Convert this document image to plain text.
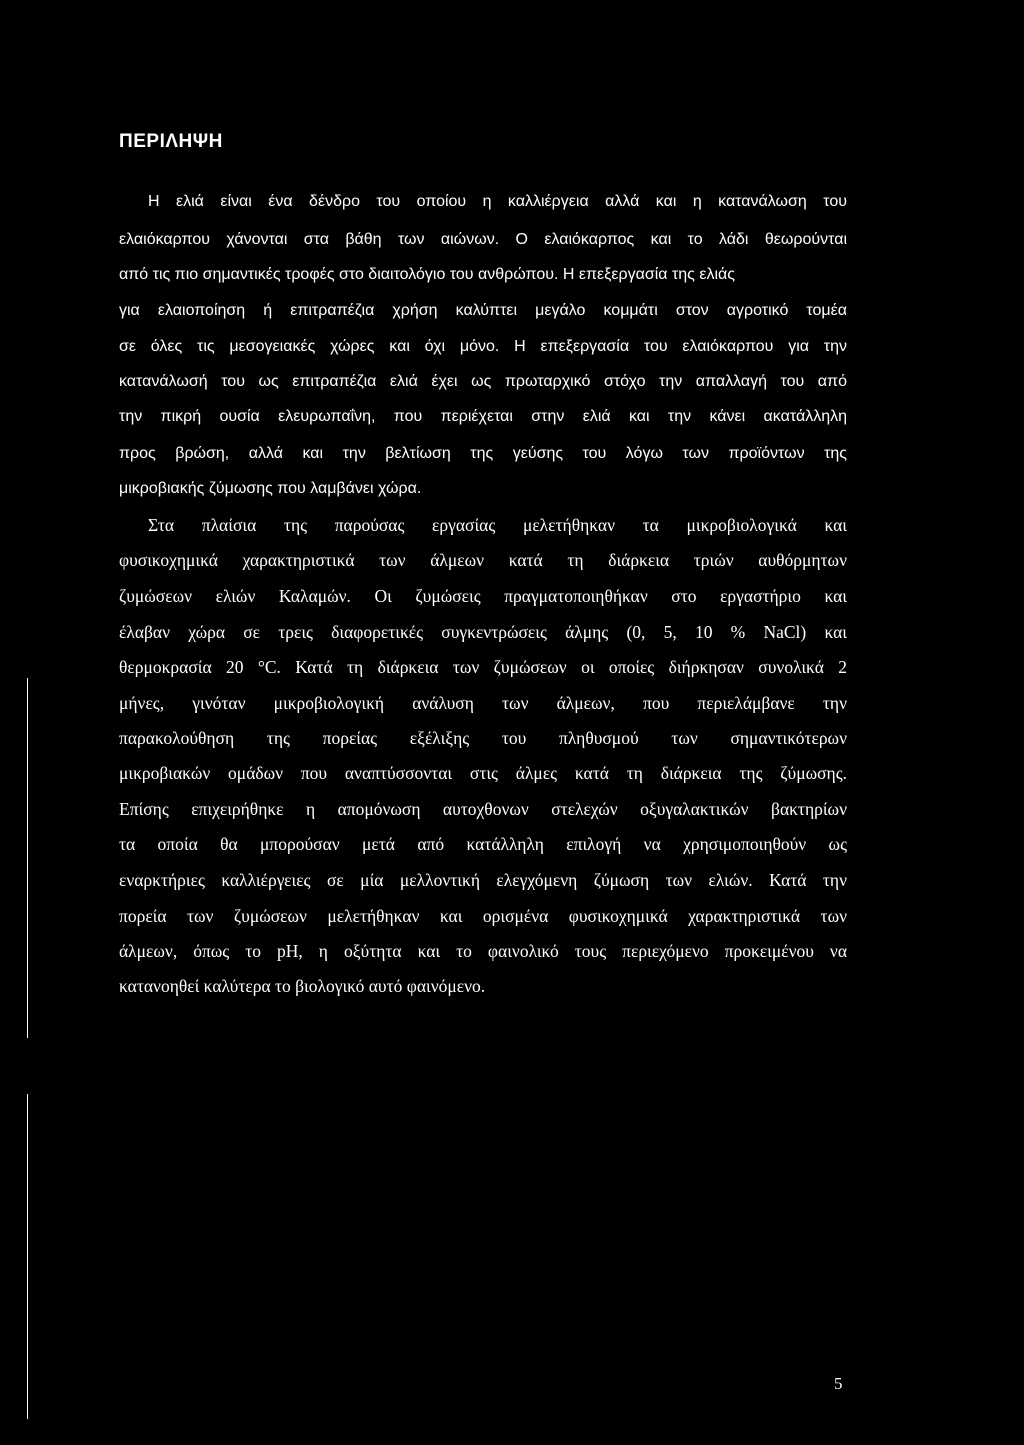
ΠΕΡΙΛΗΨΗ
Η ελιά είναι ένα δένδρο του οποίου η καλλιέργεια αλλά και η κατανάλωση του
ελαιόκαρπου χάνονται στα βάθη των αιώνων. Ο ελαιόκαρπος και το λάδι θεωρούνται
από τις πιο σημαντικές τροφές στο διαιτολόγιο του ανθρώπου. Η επεξεργασία της ελιάς
για ελαιοποίηση ή επιτραπέζια χρήση καλύπτει μεγάλο κομμάτι στον αγροτικό τομέα
σε όλες τις μεσογειακές χώρες και όχι μόνο. Η επεξεργασία του ελαιόκαρπου για την
κατανάλωσή του ως επιτραπέζια ελιά έχει ως πρωταρχικό στόχο την απαλλαγή του από
την πικρή ουσία ελευρωπαΐνη, που περιέχεται στην ελιά και την κάνει ακατάλληλη
προς βρώση, αλλά και την βελτίωση της γεύσης του λόγω των προϊόντων της
μικροβιακής ζύμωσης που λαμβάνει χώρα.
Στα πλαίσια της παρούσας εργασίας μελετήθηκαν τα μικροβιολογικά και
φυσικοχημικά χαρακτηριστικά των άλμεων κατά τη διάρκεια τριών αυθόρμητων
ζυμώσεων ελιών Καλαμών. Οι ζυμώσεις πραγματοποιηθήκαν στο εργαστήριο και
έλαβαν χώρα σε τρεις διαφορετικές συγκεντρώσεις άλμης (0, 5, 10 % NaCl) και
θερμοκρασία 20 °C. Κατά τη διάρκεια των ζυμώσεων οι οποίες διήρκησαν συνολικά 2
μήνες, γινόταν μικροβιολογική ανάλυση των άλμεων, που περιελάμβανε την
παρακολούθηση της πορείας εξέλιξης του πληθυσμού των σημαντικότερων
μικροβιακών ομάδων που αναπτύσσονται στις άλμες κατά τη διάρκεια της ζύμωσης.
Επίσης επιχειρήθηκε η απομόνωση αυτοχθονων στελεχών οξυγαλακτικών βακτηρίων
τα οποία θα μπορούσαν μετά από κατάλληλη επιλογή να χρησιμοποιηθούν ως
εναρκτήριες καλλιέργειες σε μία μελλοντική ελεγχόμενη ζύμωση των ελιών. Κατά την
πορεία των ζυμώσεων μελετήθηκαν και ορισμένα φυσικοχημικά χαρακτηριστικά των
άλμεων, όπως το pH, η οξύτητα και το φαινολικό τους περιεχόμενο προκειμένου να
κατανοηθεί καλύτερα το βιολογικό αυτό φαινόμενο.
5
